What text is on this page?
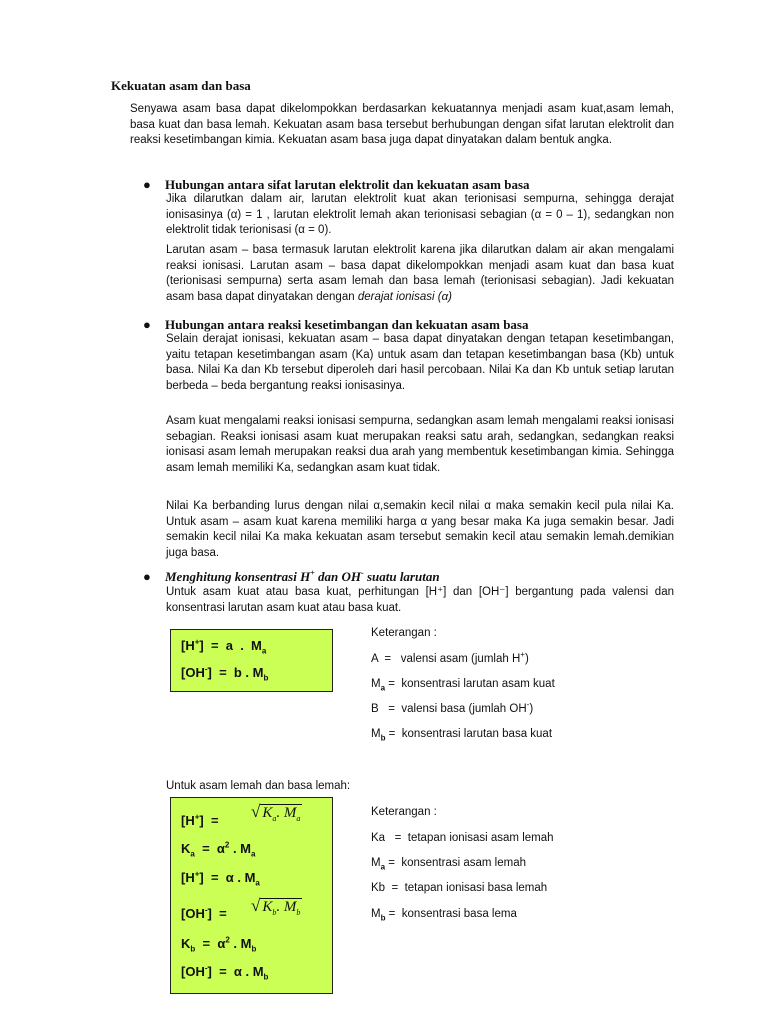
Kekuatan asam dan basa

Senyawa asam basa dapat dikelompokkan berdasarkan kekuatannya menjadi asam kuat,asam lemah, basa kuat dan basa lemah. Kekuatan asam basa tersebut berhubungan dengan sifat larutan elektrolit dan reaksi kesetimbangan kimia. Kekuatan asam basa juga dapat dinyatakan dalam bentuk angka.

● Hubungan antara sifat larutan elektrolit dan kekuatan asam basa

Jika dilarutkan dalam air, larutan elektrolit kuat akan terionisasi sempurna, sehingga derajat ionisasinya (α) = 1 , larutan elektrolit lemah akan terionisasi sebagian (α = 0 – 1), sedangkan non elektrolit tidak terionisasi (α = 0).

Larutan asam – basa termasuk larutan elektrolit karena jika dilarutkan dalam air akan mengalami reaksi ionisasi. Larutan asam – basa dapat dikelompokkan menjadi asam kuat dan basa kuat (terionisasi sempurna) serta asam lemah dan basa lemah (terionisasi sebagian). Jadi kekuatan asam basa dapat dinyatakan dengan derajat ionisasi (α)

● Hubungan antara reaksi kesetimbangan dan kekuatan asam basa

Selain derajat ionisasi, kekuatan asam – basa dapat dinyatakan dengan tetapan kesetimbangan, yaitu tetapan kesetimbangan asam (Ka) untuk asam dan tetapan kesetimbangan basa (Kb) untuk basa. Nilai Ka dan Kb tersebut diperoleh dari hasil percobaan. Nilai Ka dan Kb untuk setiap larutan berbeda – beda bergantung reaksi ionisasinya.

Asam kuat mengalami reaksi ionisasi sempurna, sedangkan asam lemah mengalami reaksi ionisasi sebagian. Reaksi ionisasi asam kuat merupakan reaksi satu arah, sedangkan, sedangkan reaksi ionisasi asam lemah merupakan reaksi dua arah yang membentuk kesetimbangan kimia. Sehingga asam lemah memiliki Ka, sedangkan asam kuat tidak.

Nilai Ka berbanding lurus dengan nilai α,semakin kecil nilai α maka semakin kecil pula nilai Ka. Untuk asam – asam kuat karena memiliki harga α yang besar maka Ka juga semakin besar. Jadi semakin kecil nilai Ka maka kekuatan asam tersebut semakin kecil atau semakin lemah.demikian juga basa.

● Menghitung konsentrasi H+ dan OH- suatu larutan

Untuk asam kuat atau basa kuat, perhitungan [H⁺] dan [OH⁻] bergantung pada valensi dan konsentrasi larutan asam kuat atau basa kuat.

[H+]  =  a  .  $M_a$
[OH-]  =  b . $M_b$
Keterangan :
A  =   valensi asam (jumlah H+)
$M_a$ =  konsentrasi larutan asam kuat
B   =  valensi basa (jumlah OH-)
$M_b$ =  konsentrasi larutan basa kuat
Untuk asam lemah dan basa lemah:
[H+]  = √ $K_a$. $M_a$
$K_a = \alpha^2$ . $M_a$
[H+]  =  α . $M_a$
[OH-]  = √ $K_b$. $M_b$
$K_b = \alpha^2$ . $M_b$
[OH-]  =  α . $M_b$
Keterangan :
Ka   =  tetapan ionisasi asam lemah
$M_a$ =  konsentrasi asam lemah
Kb  =  tetapan ionisasi basa lemah
$M_b$ =  konsentrasi basa lema
